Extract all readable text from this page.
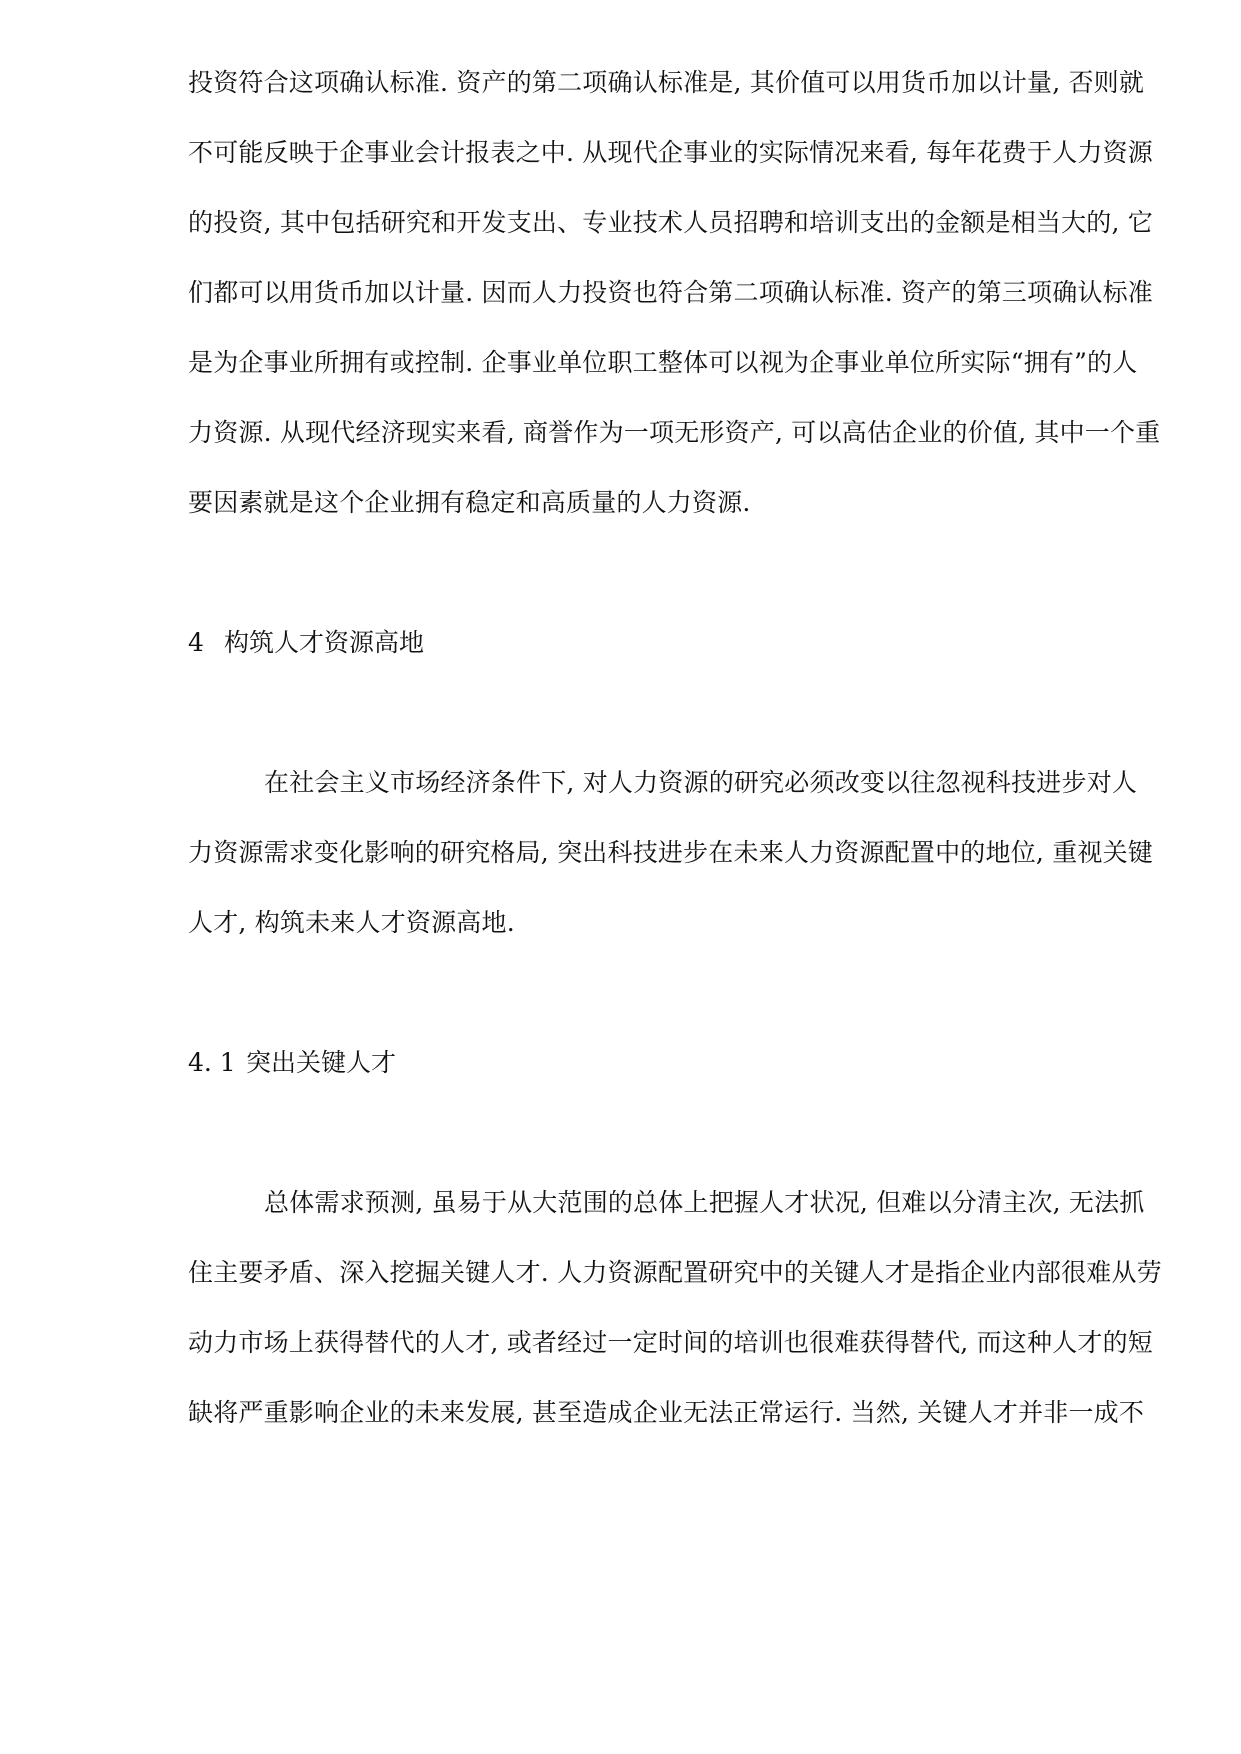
投资符合这项确认标准. 资产的第二项确认标准是, 其价值可以用货币加以计量, 否则就
不可能反映于企事业会计报表之中. 从现代企事业的实际情况来看, 每年花费于人力资源
的投资, 其中包括研究和开发支出、专业技术人员招聘和培训支出的金额是相当大的, 它
们都可以用货币加以计量. 因而人力投资也符合第二项确认标准. 资产的第三项确认标准
是为企事业所拥有或控制. 企事业单位职工整体可以视为企事业单位所实际“拥有”的人
力资源. 从现代经济现实来看, 商誉作为一项无形资产, 可以高估企业的价值, 其中一个重
要因素就是这个企业拥有稳定和高质量的人力资源.
4 构筑人才资源高地
在社会主义市场经济条件下, 对人力资源的研究必须改变以往忽视科技进步对人
力资源需求变化影响的研究格局, 突出科技进步在未来人力资源配置中的地位, 重视关键
人才, 构筑未来人才资源高地.
4. 1 突出关键人才
总体需求预测, 虽易于从大范围的总体上把握人才状况, 但难以分清主次, 无法抓
住主要矛盾、深入挖掘关键人才. 人力资源配置研究中的关键人才是指企业内部很难从劳
动力市场上获得替代的人才, 或者经过一定时间的培训也很难获得替代, 而这种人才的短
缺将严重影响企业的未来发展, 甚至造成企业无法正常运行. 当然, 关键人才并非一成不
